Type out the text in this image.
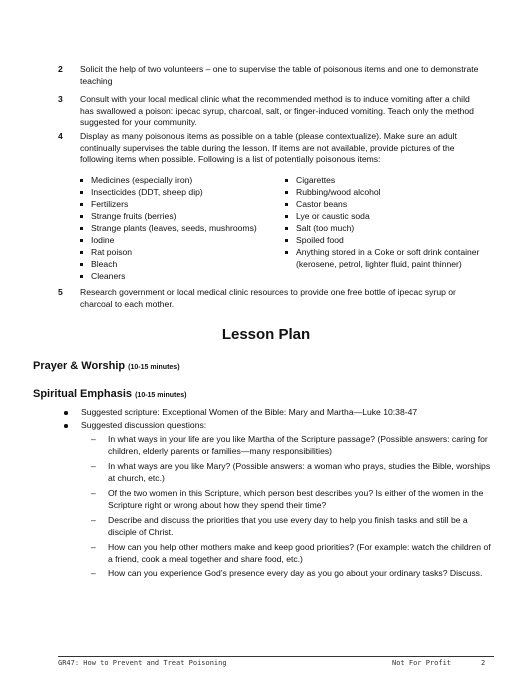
2 Solicit the help of two volunteers – one to supervise the table of poisonous items and one to demonstrate teaching
3 Consult with your local medical clinic what the recommended method is to induce vomiting after a child has swallowed a poison: ipecac syrup, charcoal, salt, or finger-induced vomiting. Teach only the method suggested for your community.
4 Display as many poisonous items as possible on a table (please contextualize). Make sure an adult continually supervises the table during the lesson. If items are not available, provide pictures of the following items when possible. Following is a list of potentially poisonous items:
Medicines (especially iron)
Insecticides (DDT, sheep dip)
Fertilizers
Strange fruits (berries)
Strange plants (leaves, seeds, mushrooms)
Iodine
Rat poison
Bleach
Cleaners
Cigarettes
Rubbing/wood alcohol
Castor beans
Lye or caustic soda
Salt (too much)
Spoiled food
Anything stored in a Coke or soft drink container (kerosene, petrol, lighter fluid, paint thinner)
5 Research government or local medical clinic resources to provide one free bottle of ipecac syrup or charcoal to each mother.
Lesson Plan
Prayer & Worship (10-15 minutes)
Spiritual Emphasis (10-15 minutes)
Suggested scripture: Exceptional Women of the Bible: Mary and Martha—Luke 10:38-47
Suggested discussion questions:
– In what ways in your life are you like Martha of the Scripture passage? (Possible answers: caring for children, elderly parents or families—many responsibilities)
– In what ways are you like Mary? (Possible answers: a woman who prays, studies the Bible, worships at church, etc.)
– Of the two women in this Scripture, which person best describes you? Is either of the women in the Scripture right or wrong about how they spend their time?
– Describe and discuss the priorities that you use every day to help you finish tasks and still be a disciple of Christ.
– How can you help other mothers make and keep good priorities? (For example: watch the children of a friend, cook a meal together and share food, etc.)
– How can you experience God’s presence every day as you go about your ordinary tasks? Discuss.
GR47: How to Prevent and Treat Poisoning	Not For Profit	2
